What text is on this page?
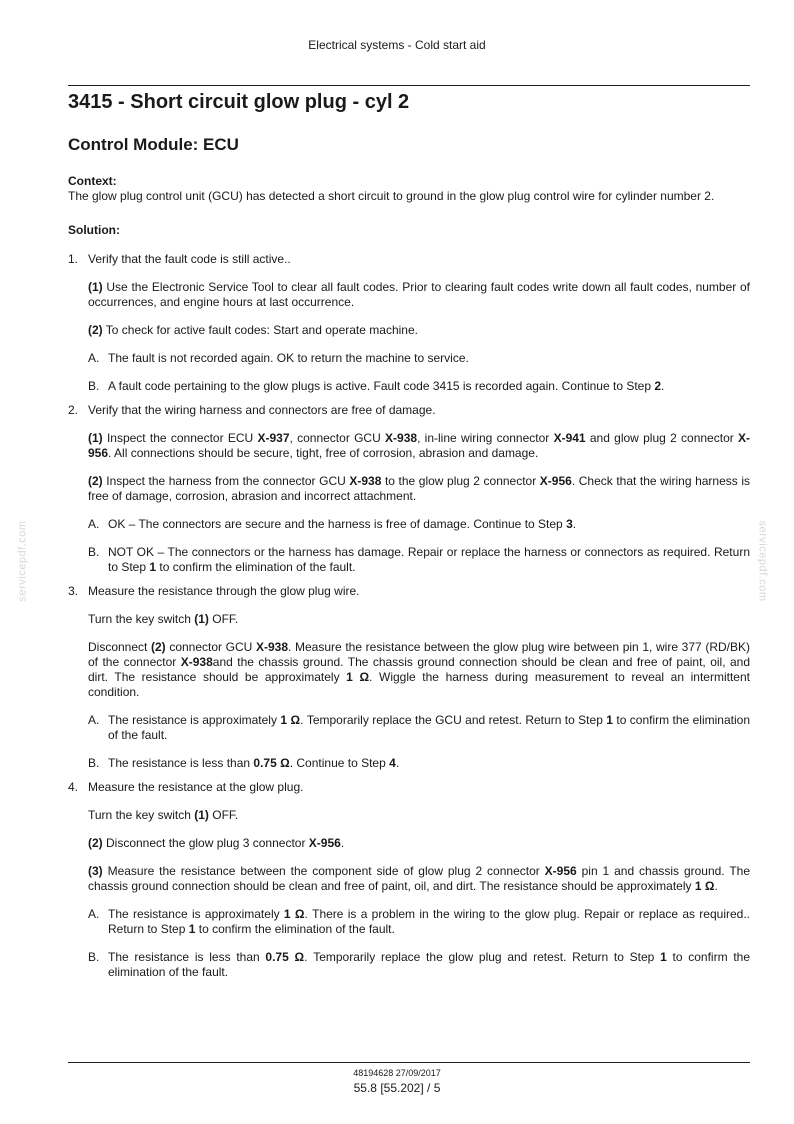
Electrical systems - Cold start aid
servicepdf.com	servicepdf.com
3415 - Short circuit glow plug - cyl 2
Control Module: ECU
Context:
The glow plug control unit (GCU) has detected a short circuit to ground in the glow plug control wire for cylinder number 2.
Solution:
1. Verify that the fault code is still active..
(1) Use the Electronic Service Tool to clear all fault codes. Prior to clearing fault codes write down all fault codes, number of occurrences, and engine hours at last occurrence.
(2) To check for active fault codes: Start and operate machine.
A. The fault is not recorded again. OK to return the machine to service.
B. A fault code pertaining to the glow plugs is active. Fault code 3415 is recorded again. Continue to Step 2.
2. Verify that the wiring harness and connectors are free of damage.
(1) Inspect the connector ECU X-937, connector GCU X-938, in-line wiring connector X-941 and glow plug 2 connector X-956. All connections should be secure, tight, free of corrosion, abrasion and damage.
(2) Inspect the harness from the connector GCU X-938 to the glow plug 2 connector X-956. Check that the wiring harness is free of damage, corrosion, abrasion and incorrect attachment.
A. OK – The connectors are secure and the harness is free of damage. Continue to Step 3.
B. NOT OK – The connectors or the harness has damage. Repair or replace the harness or connectors as required. Return to Step 1 to confirm the elimination of the fault.
3. Measure the resistance through the glow plug wire.
Turn the key switch (1) OFF.
Disconnect (2) connector GCU X-938. Measure the resistance between the glow plug wire between pin 1, wire 377 (RD/BK) of the connector X-938and the chassis ground. The chassis ground connection should be clean and free of paint, oil, and dirt. The resistance should be approximately 1 Ω. Wiggle the harness during measurement to reveal an intermittent condition.
A. The resistance is approximately 1 Ω. Temporarily replace the GCU and retest. Return to Step 1 to confirm the elimination of the fault.
B. The resistance is less than 0.75 Ω. Continue to Step 4.
4. Measure the resistance at the glow plug.
Turn the key switch (1) OFF.
(2) Disconnect the glow plug 3 connector X-956.
(3) Measure the resistance between the component side of glow plug 2 connector X-956 pin 1 and chassis ground. The chassis ground connection should be clean and free of paint, oil, and dirt. The resistance should be approximately 1 Ω.
A. The resistance is approximately 1 Ω. There is a problem in the wiring to the glow plug. Repair or replace as required.. Return to Step 1 to confirm the elimination of the fault.
B. The resistance is less than 0.75 Ω. Temporarily replace the glow plug and retest. Return to Step 1 to confirm the elimination of the fault.
48194628 27/09/2017
55.8 [55.202] / 5
